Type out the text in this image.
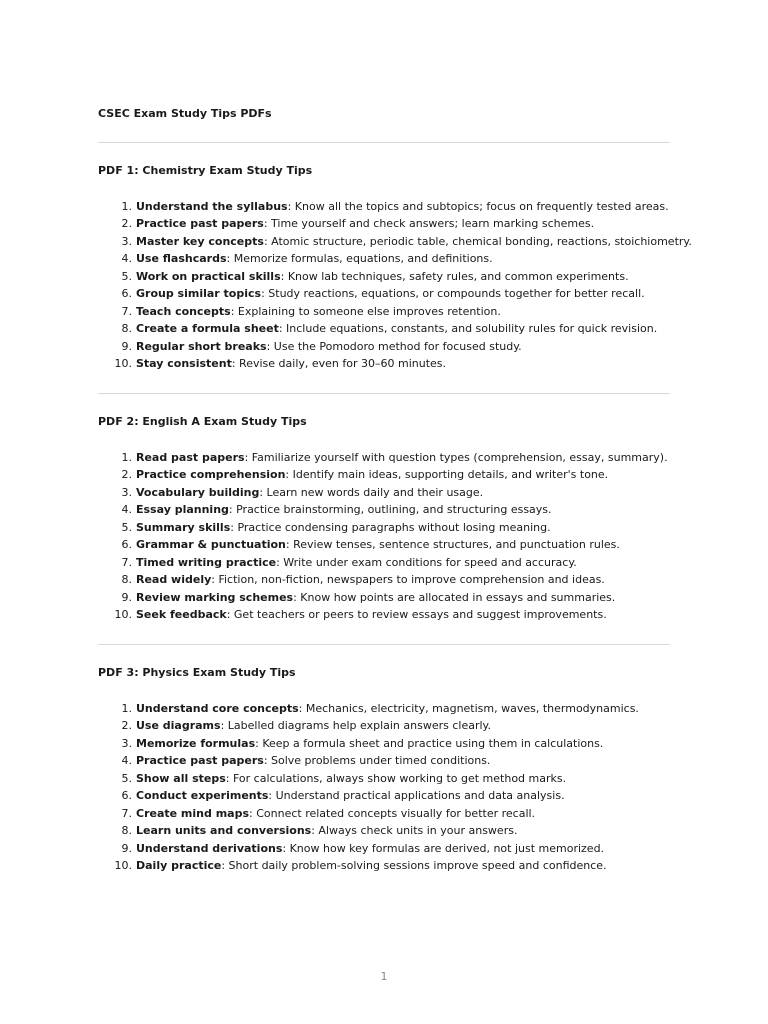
CSEC Exam Study Tips PDFs
PDF 1: Chemistry Exam Study Tips
1. Understand the syllabus: Know all the topics and subtopics; focus on frequently tested areas.
2. Practice past papers: Time yourself and check answers; learn marking schemes.
3. Master key concepts: Atomic structure, periodic table, chemical bonding, reactions, stoichiometry.
4. Use flashcards: Memorize formulas, equations, and definitions.
5. Work on practical skills: Know lab techniques, safety rules, and common experiments.
6. Group similar topics: Study reactions, equations, or compounds together for better recall.
7. Teach concepts: Explaining to someone else improves retention.
8. Create a formula sheet: Include equations, constants, and solubility rules for quick revision.
9. Regular short breaks: Use the Pomodoro method for focused study.
10. Stay consistent: Revise daily, even for 30–60 minutes.
PDF 2: English A Exam Study Tips
1. Read past papers: Familiarize yourself with question types (comprehension, essay, summary).
2. Practice comprehension: Identify main ideas, supporting details, and writer's tone.
3. Vocabulary building: Learn new words daily and their usage.
4. Essay planning: Practice brainstorming, outlining, and structuring essays.
5. Summary skills: Practice condensing paragraphs without losing meaning.
6. Grammar & punctuation: Review tenses, sentence structures, and punctuation rules.
7. Timed writing practice: Write under exam conditions for speed and accuracy.
8. Read widely: Fiction, non-fiction, newspapers to improve comprehension and ideas.
9. Review marking schemes: Know how points are allocated in essays and summaries.
10. Seek feedback: Get teachers or peers to review essays and suggest improvements.
PDF 3: Physics Exam Study Tips
1. Understand core concepts: Mechanics, electricity, magnetism, waves, thermodynamics.
2. Use diagrams: Labelled diagrams help explain answers clearly.
3. Memorize formulas: Keep a formula sheet and practice using them in calculations.
4. Practice past papers: Solve problems under timed conditions.
5. Show all steps: For calculations, always show working to get method marks.
6. Conduct experiments: Understand practical applications and data analysis.
7. Create mind maps: Connect related concepts visually for better recall.
8. Learn units and conversions: Always check units in your answers.
9. Understand derivations: Know how key formulas are derived, not just memorized.
10. Daily practice: Short daily problem-solving sessions improve speed and confidence.
1
